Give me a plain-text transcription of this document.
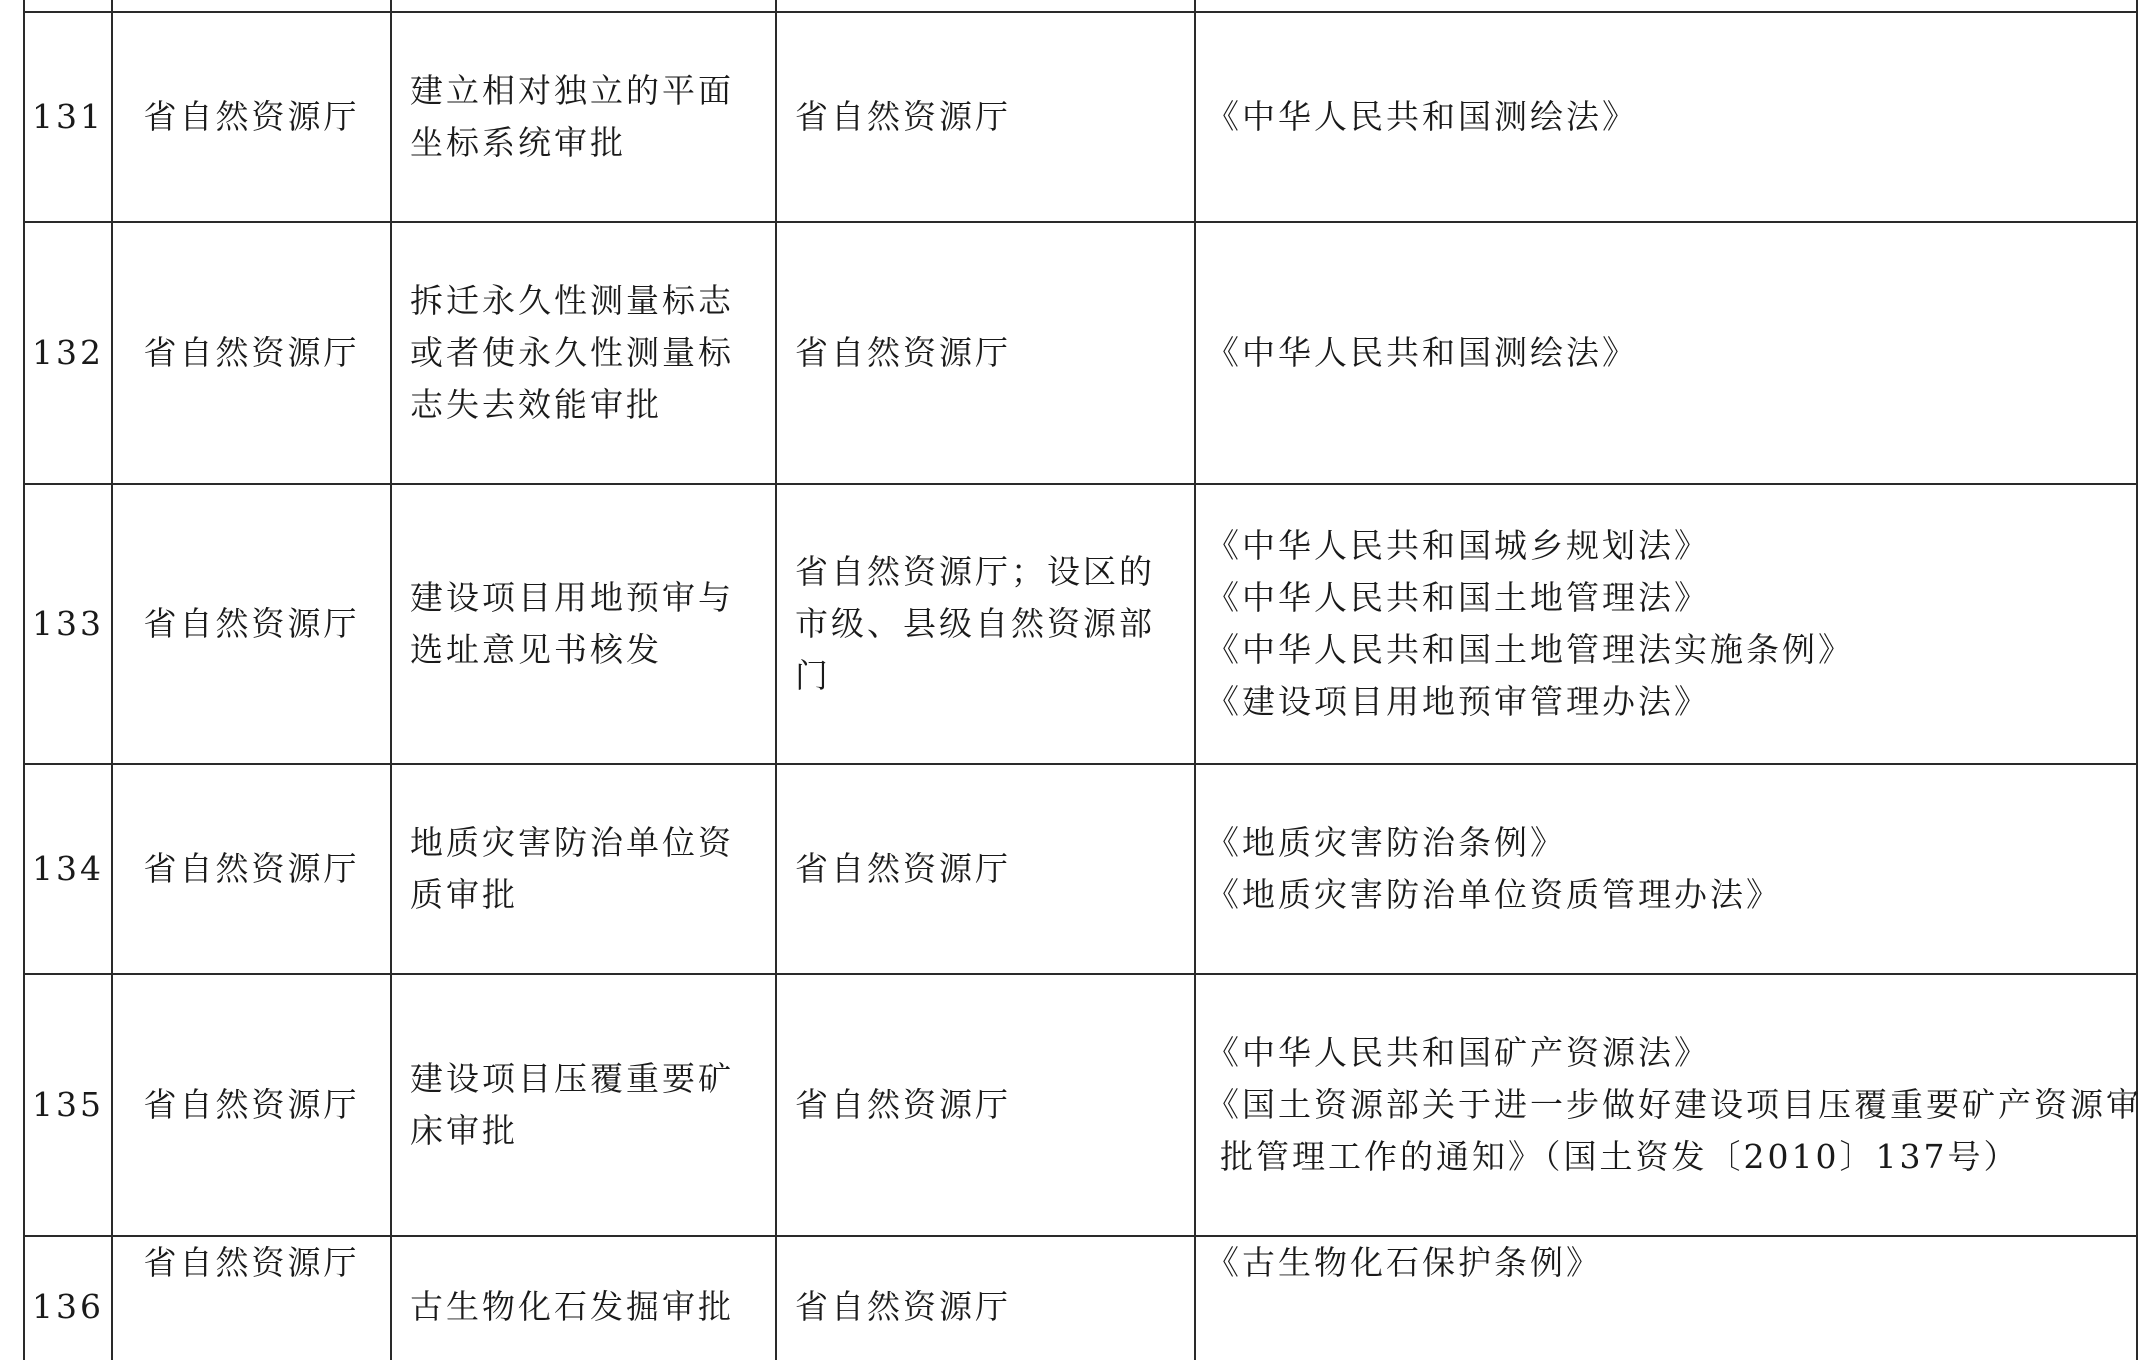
131	省自然资源厅	建立相对独立的平面坐标系统审批	省自然资源厅	《中华人民共和国测绘法》

132	省自然资源厅	拆迁永久性测量标志或者使永久性测量标志失去效能审批	省自然资源厅	《中华人民共和国测绘法》

133	省自然资源厅	建设项目用地预审与选址意见书核发	省自然资源厅；设区的市级、县级自然资源部门	《中华人民共和国城乡规划法》
《中华人民共和国土地管理法》
《中华人民共和国土地管理法实施条例》
《建设项目用地预审管理办法》

134	省自然资源厅	地质灾害防治单位资质审批	省自然资源厅	《地质灾害防治条例》
《地质灾害防治单位资质管理办法》

135	省自然资源厅	建设项目压覆重要矿床审批	省自然资源厅	《中华人民共和国矿产资源法》
《国土资源部关于进一步做好建设项目压覆重要矿产资源审
批管理工作的通知》（国土资发〔2010〕137号）

136	省自然资源厅	古生物化石发掘审批	省自然资源厅	《古生物化石保护条例》
